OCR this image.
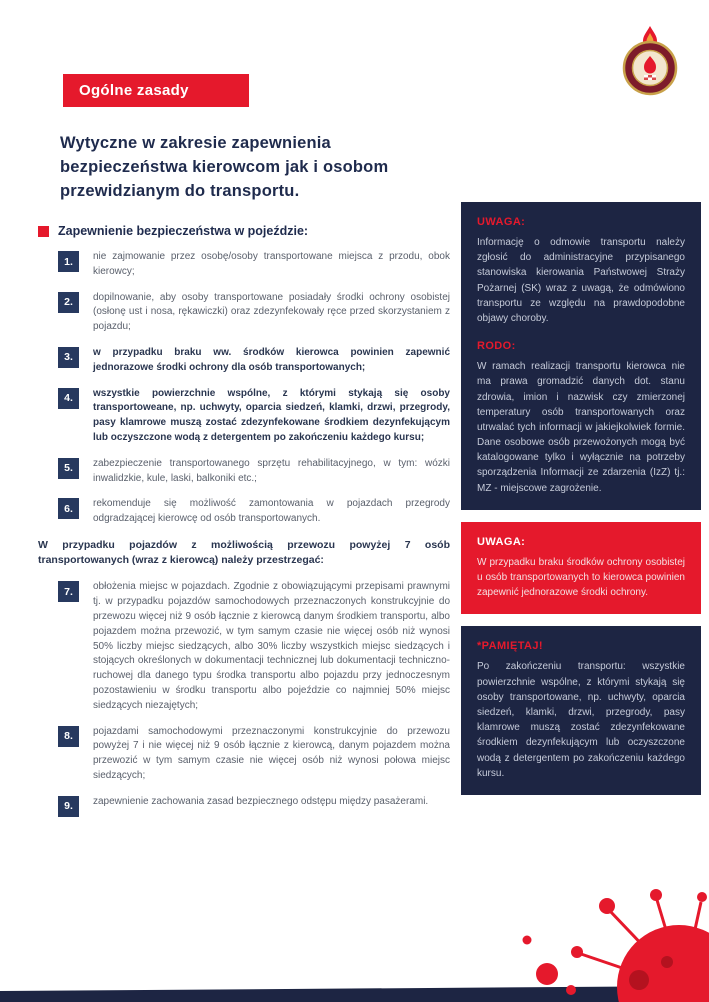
Ogólne zasady
Wytyczne w zakresie zapewnienia bezpieczeństwa kierowcom jak i osobom przewidzianym do transportu.
Zapewnienie bezpieczeństwa w pojeździe:
1.	nie zajmowanie przez osobę/osoby transportowane miejsca z przodu, obok kierowcy;

2.	dopilnowanie, aby osoby transportowane posiadały środki ochrony osobistej (osłonę ust i nosa, rękawiczki) oraz zdezynfekowały ręce przed skorzystaniem z pojazdu;

3.	w przypadku braku ww. środków kierowca powinien zapewnić jednorazowe środki ochrony dla osób transportowanych;

4.	wszystkie powierzchnie wspólne, z którymi stykają się osoby transportoweane, np. uchwyty, oparcia siedzeń, klamki, drzwi, przegrody, pasy klamrowe muszą zostać zdezynfekowane środkiem dezynfekującym lub oczyszczone wodą z detergentem po zakończeniu każdego kursu;

5.	zabezpieczenie transportowanego sprzętu rehabilitacyjnego, w tym: wózki inwalidzkie, kule, laski, balkoniki etc.;

6.	rekomenduje się możliwość zamontowania w pojazdach przegrody odgradzającej kierowcę od osób transportowanych.

W przypadku pojazdów z możliwością przewozu powyżej 7 osób transportowanych (wraz z kierowcą) należy przestrzegać:

7.	obłożenia miejsc w pojazdach. Zgodnie z obowiązującymi przepisami prawnymi tj. w przypadku pojazdów samochodowych przeznaczonych konstrukcyjnie do przewozu więcej niż 9 osób łącznie z kierowcą danym środkiem transportu, albo pojazdem można przewozić, w tym samym czasie nie więcej osób niż wynosi 50% liczby miejsc siedzących, albo 30% liczby wszystkich miejsc siedzących i stojących określonych w dokumentacji technicznej lub dokumentacji techniczno-ruchowej dla danego typu środka transportu albo pojazdu przy jednoczesnym pozostawieniu w środku transportu albo pojeździe co najmniej 50% miejsc siedzących niezajętych;

8.	pojazdami samochodowymi przeznaczonymi konstrukcyjnie do przewozu powyżej 7 i nie więcej niż 9 osób łącznie z kierowcą, danym pojazdem można przewozić w tym samym czasie nie więcej osób niż wynosi połowa miejsc siedzących;

9.	zapewnienie zachowania zasad bezpiecznego odstępu między pasażerami.

UWAGA:

Informację o odmowie transportu należy zgłosić do administracyjne przypisanego stanowiska kierowania Państwowej Straży Pożarnej (SK) wraz z uwagą, że odmówiono transportu ze względu na prawdopodobne objawy choroby.

RODO:

W ramach realizacji transportu kierowca nie ma prawa gromadzić danych dot. stanu zdrowia, imion i nazwisk czy zmierzonej temperatury osób transportowanych oraz utrwalać tych informacji w jakiejkolwiek formie. Dane osobowe osób przewożonych mogą być katalogowane tylko i wyłącznie na potrzeby sporządzenia Informacji ze zdarzenia (IzZ) tj.: MZ - miejscowe zagrożenie.

UWAGA:

W przypadku braku środków ochrony osobistej u osób transportowanych to kierowca powinien zapewnić jednorazowe środki ochrony.

*PAMIĘTAJ!

Po zakończeniu transportu: wszystkie powierzchnie wspólne, z którymi stykają się osoby transportowane, np. uchwyty, oparcia siedzeń, klamki, drzwi, przegrody, pasy klamrowe muszą zostać zdezynfekowane środkiem dezynfekującym lub oczyszczone wodą z detergentem po zakończeniu każdego kursu.
